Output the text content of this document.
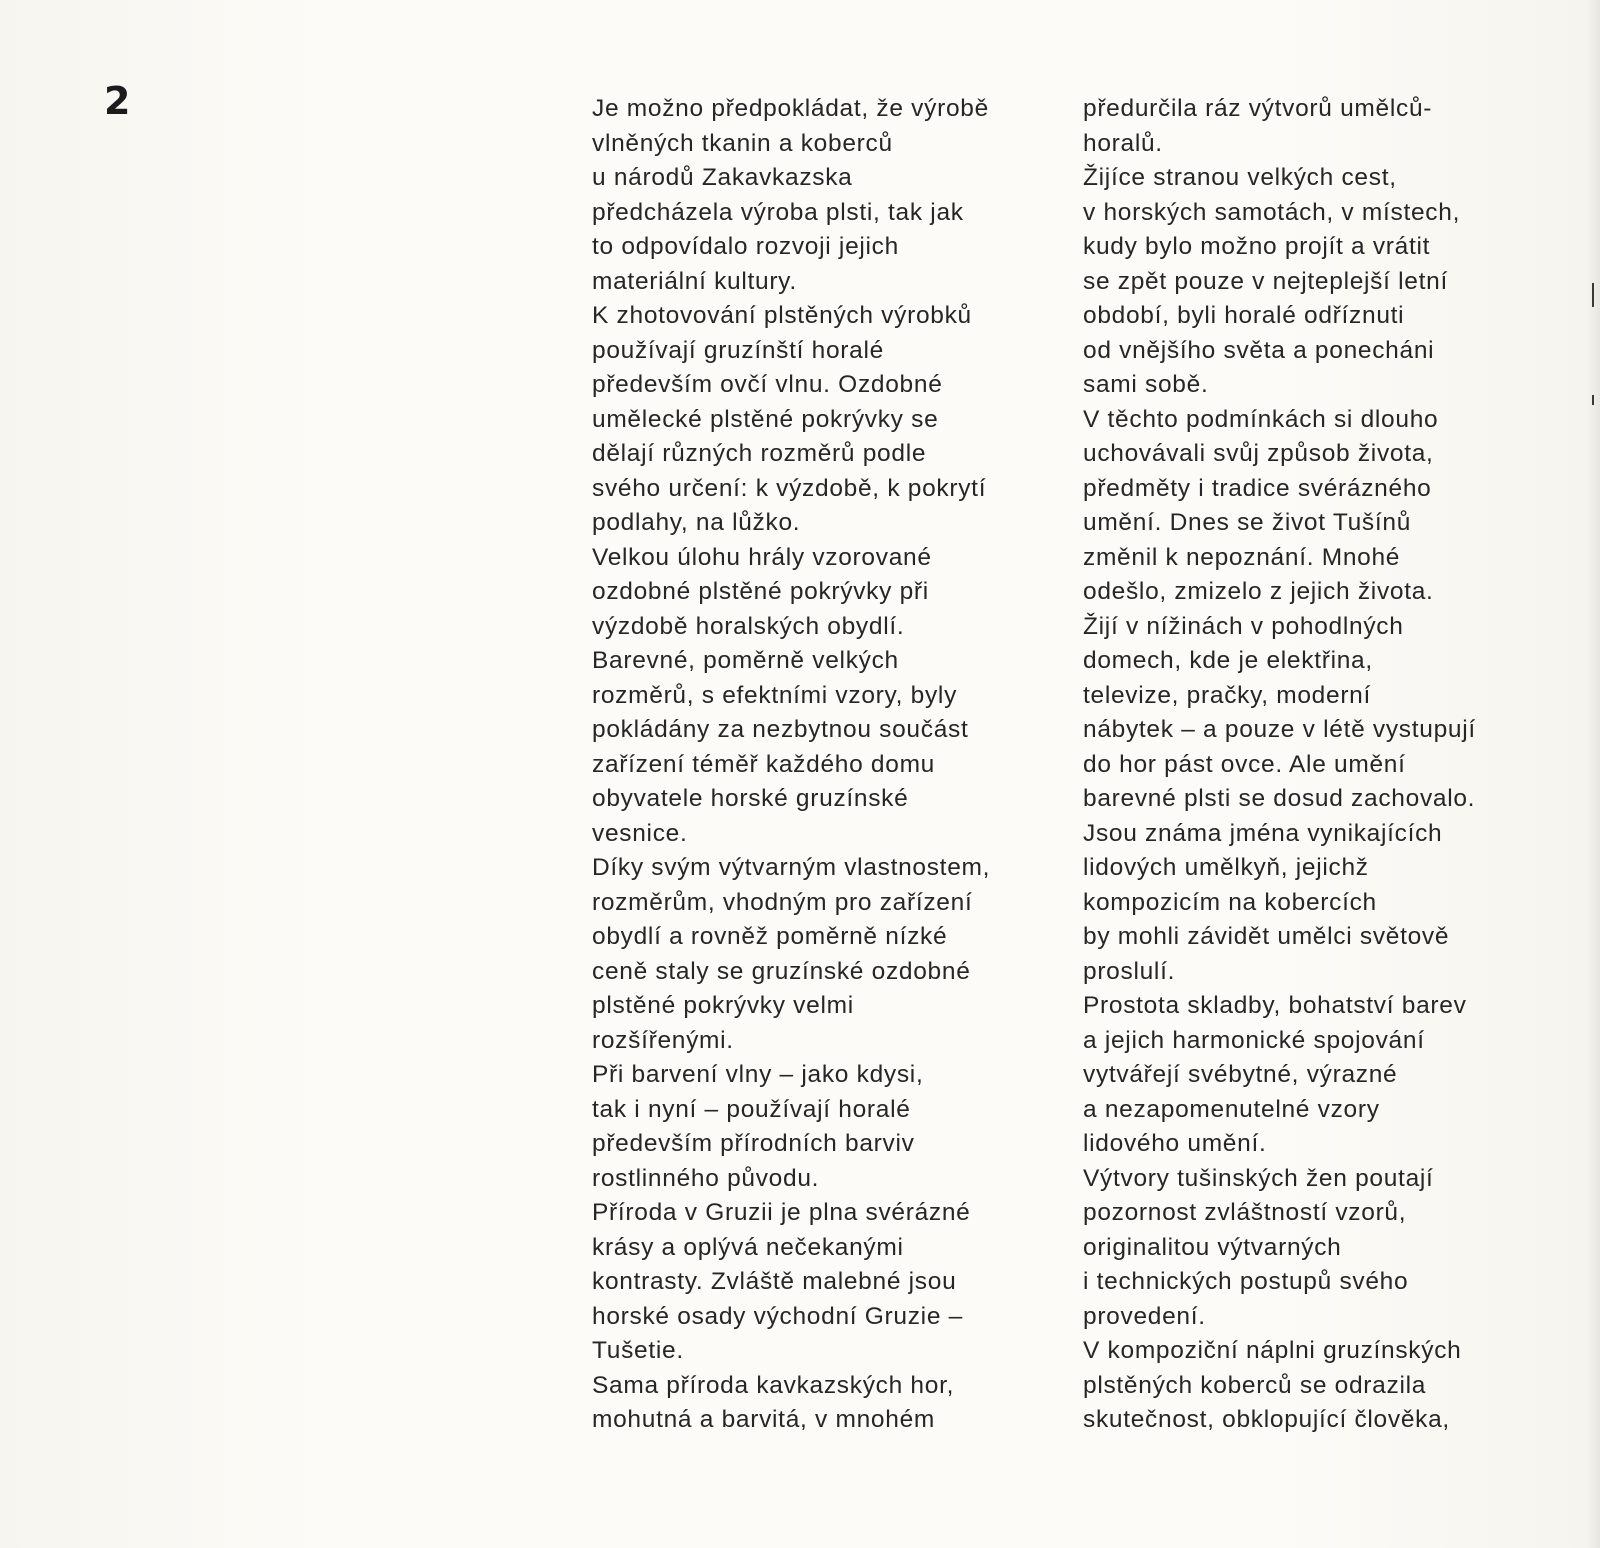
2	Je možno předpokládat, že výrobě
vlněných tkanin a koberců
u národů Zakavkazska
předcházela výroba plsti, tak jak
to odpovídalo rozvoji jejich
materiální kultury.

K zhotovování plstěných výrobků
používají gruzínští horalé
především ovčí vlnu. Ozdobné
umělecké plstěné pokrývky se
dělají různých rozměrů podle
svého určení: k výzdobě, k pokrytí
podlahy, na lůžko.

Velkou úlohu hrály vzorované
ozdobné plstěné pokrývky při
výzdobě horalských obydlí.
Barevné, poměrně velkých
rozměrů, s efektními vzory, byly
pokládány za nezbytnou součást
zařízení téměř každého domu
obyvatele horské gruzínské
vesnice.

Díky svým výtvarným vlastnostem,
rozměrům, vhodným pro zařízení
obydlí a rovněž poměrně nízké
ceně staly se gruzínské ozdobné
plstěné pokrývky velmi
rozšířenými.

Při barvení vlny – jako kdysi,
tak i nyní – používají horalé
především přírodních barviv
rostlinného původu.

Příroda v Gruzii je plna svérázné
krásy a oplývá nečekanými
kontrasty. Zvláště malebné jsou
horské osady východní Gruzie –
Tušetie.

Sama příroda kavkazských hor,
mohutná a barvitá, v mnohém

předurčila ráz výtvorů umělců-
horalů.

Žijíce stranou velkých cest,
v horských samotách, v místech,
kudy bylo možno projít a vrátit
se zpět pouze v nejteplejší letní
období, byli horalé odříznuti
od vnějšího světa a ponecháni
sami sobě.

V těchto podmínkách si dlouho
uchovávali svůj způsob života,
předměty i tradice svérázného
umění. Dnes se život Tušínů
změnil k nepoznání. Mnohé
odešlo, zmizelo z jejich života.
Žijí v nížinách v pohodlných
domech, kde je elektřina,
televize, pračky, moderní
nábytek – a pouze v létě vystupují
do hor pást ovce. Ale umění
barevné plsti se dosud zachovalo.
Jsou známa jména vynikajících
lidových umělkyň, jejichž
kompozicím na kobercích
by mohli závidět umělci světově
proslulí.

Prostota skladby, bohatství barev
a jejich harmonické spojování
vytvářejí svébytné, výrazné
a nezapomenutelné vzory
lidového umění.

Výtvory tušinských žen poutají
pozornost zvláštností vzorů,
originalitou výtvarných
i technických postupů svého
provedení.

V kompoziční náplni gruzínských
plstěných koberců se odrazila
skutečnost, obklopující člověka,
